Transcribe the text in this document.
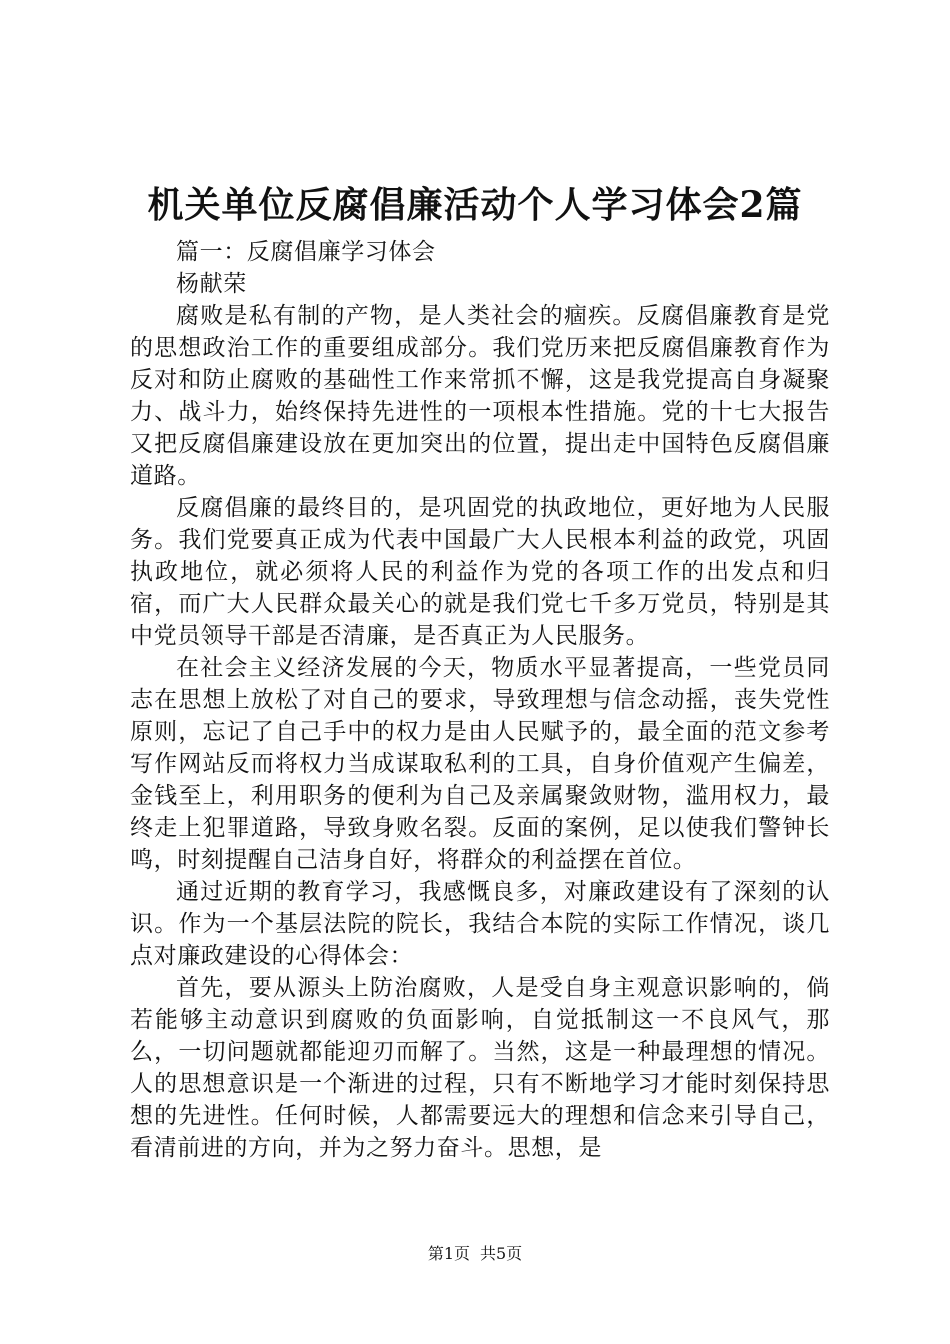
机关单位反腐倡廉活动个人学习体会2篇

篇一：反腐倡廉学习体会

杨献荣

腐败是私有制的产物，是人类社会的痼疾。反腐倡廉教育是党的思想政治工作的重要组成部分。我们党历来把反腐倡廉教育作为反对和防止腐败的基础性工作来常抓不懈，这是我党提高自身凝聚力、战斗力，始终保持先进性的一项根本性措施。党的十七大报告又把反腐倡廉建设放在更加突出的位置，提出走中国特色反腐倡廉道路。

反腐倡廉的最终目的，是巩固党的执政地位，更好地为人民服务。我们党要真正成为代表中国最广大人民根本利益的政党，巩固执政地位，就必须将人民的利益作为党的各项工作的出发点和归宿，而广大人民群众最关心的就是我们党七千多万党员，特别是其中党员领导干部是否清廉，是否真正为人民服务。

在社会主义经济发展的今天，物质水平显著提高，一些党员同志在思想上放松了对自己的要求，导致理想与信念动摇，丧失党性原则，忘记了自己手中的权力是由人民赋予的，最全面的范文参考写作网站反而将权力当成谋取私利的工具，自身价值观产生偏差，金钱至上，利用职务的便利为自己及亲属聚敛财物，滥用权力，最终走上犯罪道路，导致身败名裂。反面的案例，足以使我们警钟长鸣，时刻提醒自己洁身自好，将群众的利益摆在首位。

通过近期的教育学习，我感慨良多，对廉政建设有了深刻的认识。作为一个基层法院的院长，我结合本院的实际工作情况，谈几点对廉政建设的心得体会：

首先，要从源头上防治腐败，人是受自身主观意识影响的，倘若能够主动意识到腐败的负面影响，自觉抵制这一不良风气，那么，一切问题就都能迎刃而解了。当然，这是一种最理想的情况。人的思想意识是一个渐进的过程，只有不断地学习才能时刻保持思想的先进性。任何时候，人都需要远大的理想和信念来引导自己，看清前进的方向，并为之努力奋斗。思想，是

第1页 共5页
